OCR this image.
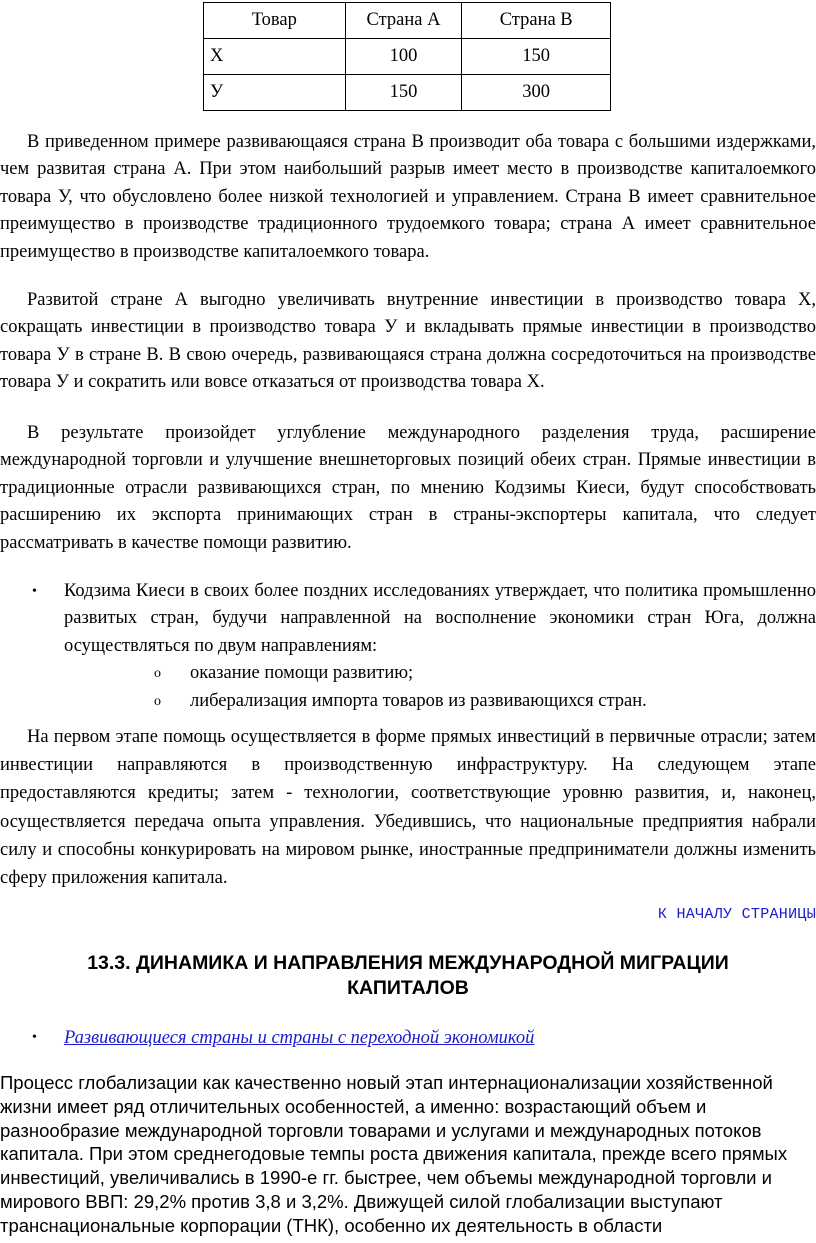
Товар	Страна А	Страна В
Х	100	150
У	150	300

В приведенном примере развивающаяся страна В производит оба товара с большими издержками, чем развитая страна А. При этом наибольший разрыв имеет место в производстве капиталоемкого товара У, что обусловлено более низкой технологией и управлением. Страна В имеет сравнительное преимущество в производстве традиционного трудоемкого товара; страна А имеет сравнительное преимущество в производстве капиталоемкого товара.

Развитой стране А выгодно увеличивать внутренние инвестиции в производство товара Х, сокращать инвестиции в производство товара У и вкладывать прямые инвестиции в производство товара У в стране В. В свою очередь, развивающаяся страна должна сосредоточиться на производстве товара У и сократить или вовсе отказаться от производства товара Х.

В результате произойдет углубление международного разделения труда, расширение международной торговли и улучшение внешнеторговых позиций обеих стран. Прямые инвестиции в традиционные отрасли развивающихся стран, по мнению Кодзимы Киеси, будут способствовать расширению их экспорта принимающих стран в страны-экспортеры капитала, что следует рассматривать в качестве помощи развитию.

• Кодзима Киеси в своих более поздних исследованиях утверждает, что политика промышленно развитых стран, будучи направленной на восполнение экономики стран Юга, должна осуществляться по двум направлениям:
o оказание помощи развитию;
o либерализация импорта товаров из развивающихся стран.

На первом этапе помощь осуществляется в форме прямых инвестиций в первичные отрасли; затем инвестиции направляются в производственную инфраструктуру. На следующем этапе предоставляются кредиты; затем - технологии, соответствующие уровню развития, и, наконец, осуществляется передача опыта управления. Убедившись, что национальные предприятия набрали силу и способны конкурировать на мировом рынке, иностранные предприниматели должны изменить сферу приложения капитала.

К НАЧАЛУ СТРАНИЦЫ
13.3. ДИНАМИКА И НАПРАВЛЕНИЯ МЕЖДУНАРОДНОЙ МИГРАЦИИ КАПИТАЛОВ
• Развивающиеся страны и страны с переходной экономикой

Процесс глобализации как качественно новый этап интернационализации хозяйственной жизни имеет ряд отличительных особенностей, а именно: возрастающий объем и разнообразие международной торговли товарами и услугами и международных потоков капитала. При этом среднегодовые темпы роста движения капитала, прежде всего прямых инвестиций, увеличивались в 1990-е гг. быстрее, чем объемы международной торговли и мирового ВВП: 29,2% против 3,8 и 3,2%. Движущей силой глобализации выступают транснациональные корпорации (ТНК), особенно их деятельность в области
